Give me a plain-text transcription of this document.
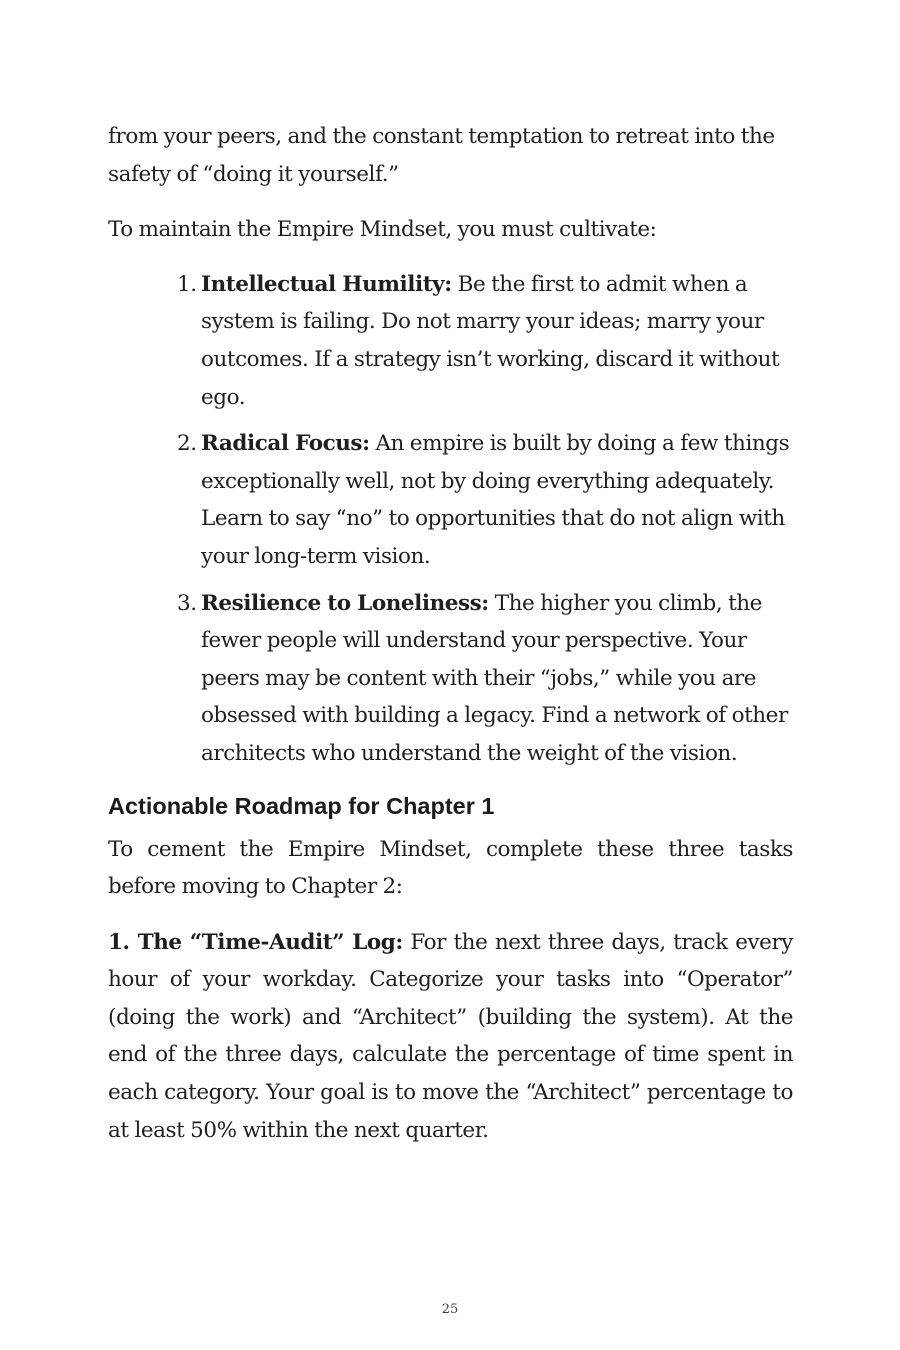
from your peers, and the constant temptation to retreat into the safety of “doing it yourself.”

To maintain the Empire Mindset, you must cultivate:

1. Intellectual Humility: Be the first to admit when a system is failing. Do not marry your ideas; marry your outcomes. If a strategy isn’t working, discard it without ego.
2. Radical Focus: An empire is built by doing a few things exceptionally well, not by doing everything adequately. Learn to say “no” to opportunities that do not align with your long-term vision.
3. Resilience to Loneliness: The higher you climb, the fewer people will understand your perspective. Your peers may be content with their “jobs,” while you are obsessed with building a legacy. Find a network of other architects who understand the weight of the vision.
Actionable Roadmap for Chapter 1

To cement the Empire Mindset, complete these three tasks before moving to Chapter 2:

1. The “Time-Audit” Log: For the next three days, track every hour of your workday. Categorize your tasks into “Operator” (doing the work) and “Architect” (building the system). At the end of the three days, calculate the percentage of time spent in each category. Your goal is to move the “Architect” percentage to at least 50% within the next quarter.

25
